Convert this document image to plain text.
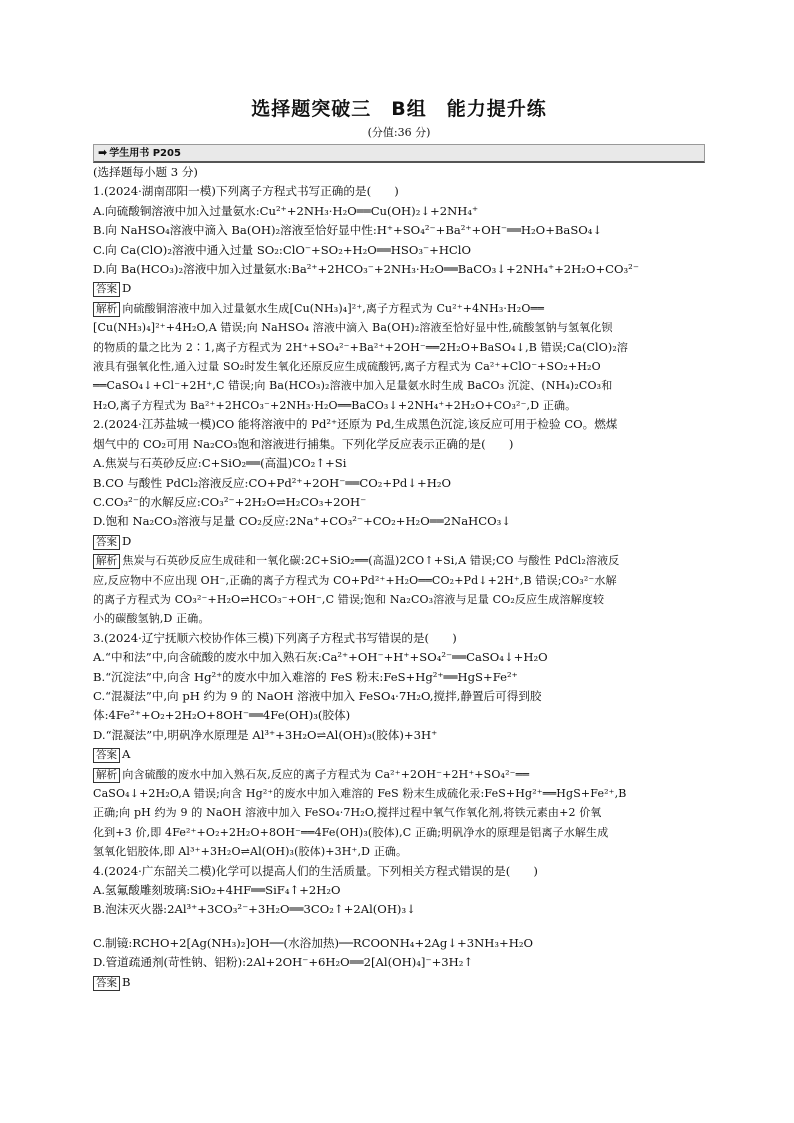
选择题突破三　B组　能力提升练
(分值:36 分)
➡ 学生用书 P205
(选择题每小题 3 分)
1.(2024·湖南邵阳一模)下列离子方程式书写正确的是(　　)
A.向硫酸铜溶液中加入过量氨水:Cu²⁺+2NH₃·H₂O══Cu(OH)₂↓+2NH₄⁺
B.向 NaHSO₄溶液中滴入 Ba(OH)₂溶液至恰好显中性:H⁺+SO₄²⁻+Ba²⁺+OH⁻══H₂O+BaSO₄↓
C.向 Ca(ClO)₂溶液中通入过量 SO₂:ClO⁻+SO₂+H₂O══HSO₃⁻+HClO
D.向 Ba(HCO₃)₂溶液中加入过量氨水:Ba²⁺+2HCO₃⁻+2NH₃·H₂O══BaCO₃↓+2NH₄⁺+2H₂O+CO₃²⁻
答案 D
解析 向硫酸铜溶液中加入过量氨水生成[Cu(NH₃)₄]²⁺,离子方程式为 Cu²⁺+4NH₃·H₂O══
[Cu(NH₃)₄]²⁺+4H₂O,A 错误;向 NaHSO₄ 溶液中滴入 Ba(OH)₂溶液至恰好显中性,硫酸氢钠与氢氧化钡
的物质的量之比为 2∶1,离子方程式为 2H⁺+SO₄²⁻+Ba²⁺+2OH⁻══2H₂O+BaSO₄↓,B 错误;Ca(ClO)₂溶
液具有强氧化性,通入过量 SO₂时发生氧化还原反应生成硫酸钙,离子方程式为 Ca²⁺+ClO⁻+SO₂+H₂O
══CaSO₄↓+Cl⁻+2H⁺,C 错误;向 Ba(HCO₃)₂溶液中加入足量氨水时生成 BaCO₃ 沉淀、(NH₄)₂CO₃和
H₂O,离子方程式为 Ba²⁺+2HCO₃⁻+2NH₃·H₂O══BaCO₃↓+2NH₄⁺+2H₂O+CO₃²⁻,D 正确。
2.(2024·江苏盐城一模)CO 能将溶液中的 Pd²⁺还原为 Pd,生成黑色沉淀,该反应可用于检验 CO。燃煤
烟气中的 CO₂可用 Na₂CO₃饱和溶液进行捕集。下列化学反应表示正确的是(　　)
A.焦炭与石英砂反应:C+SiO₂══(高温)CO₂↑+Si
B.CO 与酸性 PdCl₂溶液反应:CO+Pd²⁺+2OH⁻══CO₂+Pd↓+H₂O
C.CO₃²⁻的水解反应:CO₃²⁻+2H₂O⇌H₂CO₃+2OH⁻
D.饱和 Na₂CO₃溶液与足量 CO₂反应:2Na⁺+CO₃²⁻+CO₂+H₂O══2NaHCO₃↓
答案 D
解析 焦炭与石英砂反应生成硅和一氧化碳:2C+SiO₂══(高温)2CO↑+Si,A 错误;CO 与酸性 PdCl₂溶液反
应,反应物中不应出现 OH⁻,正确的离子方程式为 CO+Pd²⁺+H₂O══CO₂+Pd↓+2H⁺,B 错误;CO₃²⁻水解
的离子方程式为 CO₃²⁻+H₂O⇌HCO₃⁻+OH⁻,C 错误;饱和 Na₂CO₃溶液与足量 CO₂反应生成溶解度较
小的碳酸氢钠,D 正确。
3.(2024·辽宁抚顺六校协作体三模)下列离子方程式书写错误的是(　　)
A.“中和法”中,向含硫酸的废水中加入熟石灰:Ca²⁺+OH⁻+H⁺+SO₄²⁻══CaSO₄↓+H₂O
B.“沉淀法”中,向含 Hg²⁺的废水中加入难溶的 FeS 粉末:FeS+Hg²⁺══HgS+Fe²⁺
C.“混凝法”中,向 pH 约为 9 的 NaOH 溶液中加入 FeSO₄·7H₂O,搅拌,静置后可得到胶
体:4Fe²⁺+O₂+2H₂O+8OH⁻══4Fe(OH)₃(胶体)
D.“混凝法”中,明矾净水原理是 Al³⁺+3H₂O⇌Al(OH)₃(胶体)+3H⁺
答案 A
解析 向含硫酸的废水中加入熟石灰,反应的离子方程式为 Ca²⁺+2OH⁻+2H⁺+SO₄²⁻══
CaSO₄↓+2H₂O,A 错误;向含 Hg²⁺的废水中加入难溶的 FeS 粉末生成硫化汞:FeS+Hg²⁺══HgS+Fe²⁺,B
正确;向 pH 约为 9 的 NaOH 溶液中加入 FeSO₄·7H₂O,搅拌过程中氧气作氧化剂,将铁元素由+2 价氧
化到+3 价,即 4Fe²⁺+O₂+2H₂O+8OH⁻══4Fe(OH)₃(胶体),C 正确;明矾净水的原理是铝离子水解生成
氢氧化铝胶体,即 Al³⁺+3H₂O⇌Al(OH)₃(胶体)+3H⁺,D 正确。
4.(2024·广东韶关二模)化学可以提高人们的生活质量。下列相关方程式错误的是(　　)
A.氢氟酸雕刻玻璃:SiO₂+4HF══SiF₄↑+2H₂O
B.泡沫灭火器:2Al³⁺+3CO₃²⁻+3H₂O══3CO₂↑+2Al(OH)₃↓
C.制镜:RCHO+2[Ag(NH₃)₂]OH──(水浴加热)──RCOONH₄+2Ag↓+3NH₃+H₂O
D.管道疏通剂(苛性钠、铝粉):2Al+2OH⁻+6H₂O══2[Al(OH)₄]⁻+3H₂↑
答案 B
